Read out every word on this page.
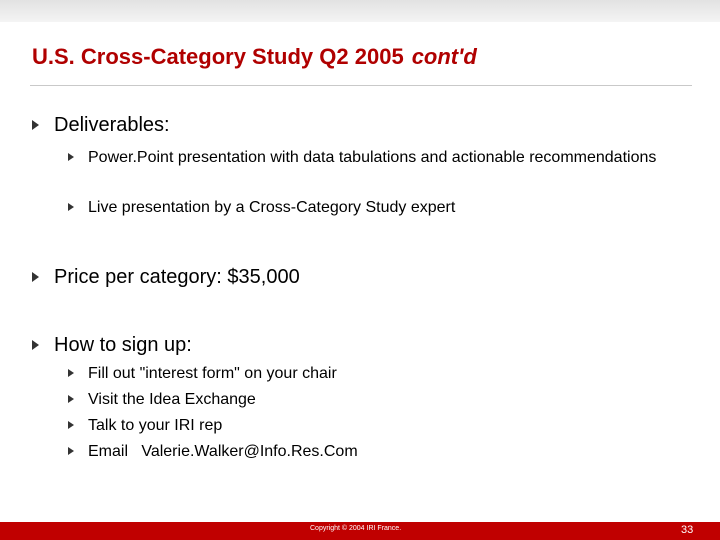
U.S. Cross-Category Study Q2 2005 cont'd
Deliverables:
Power.Point presentation with data tabulations and actionable recommendations
Live presentation by a Cross-Category Study expert
Price per category: $35,000
How to sign up:
Fill out "interest form" on your chair
Visit the Idea Exchange
Talk to your IRI rep
Email   Valerie.Walker@Info.Res.Com
Copyright © 2004 IRI France.	33
